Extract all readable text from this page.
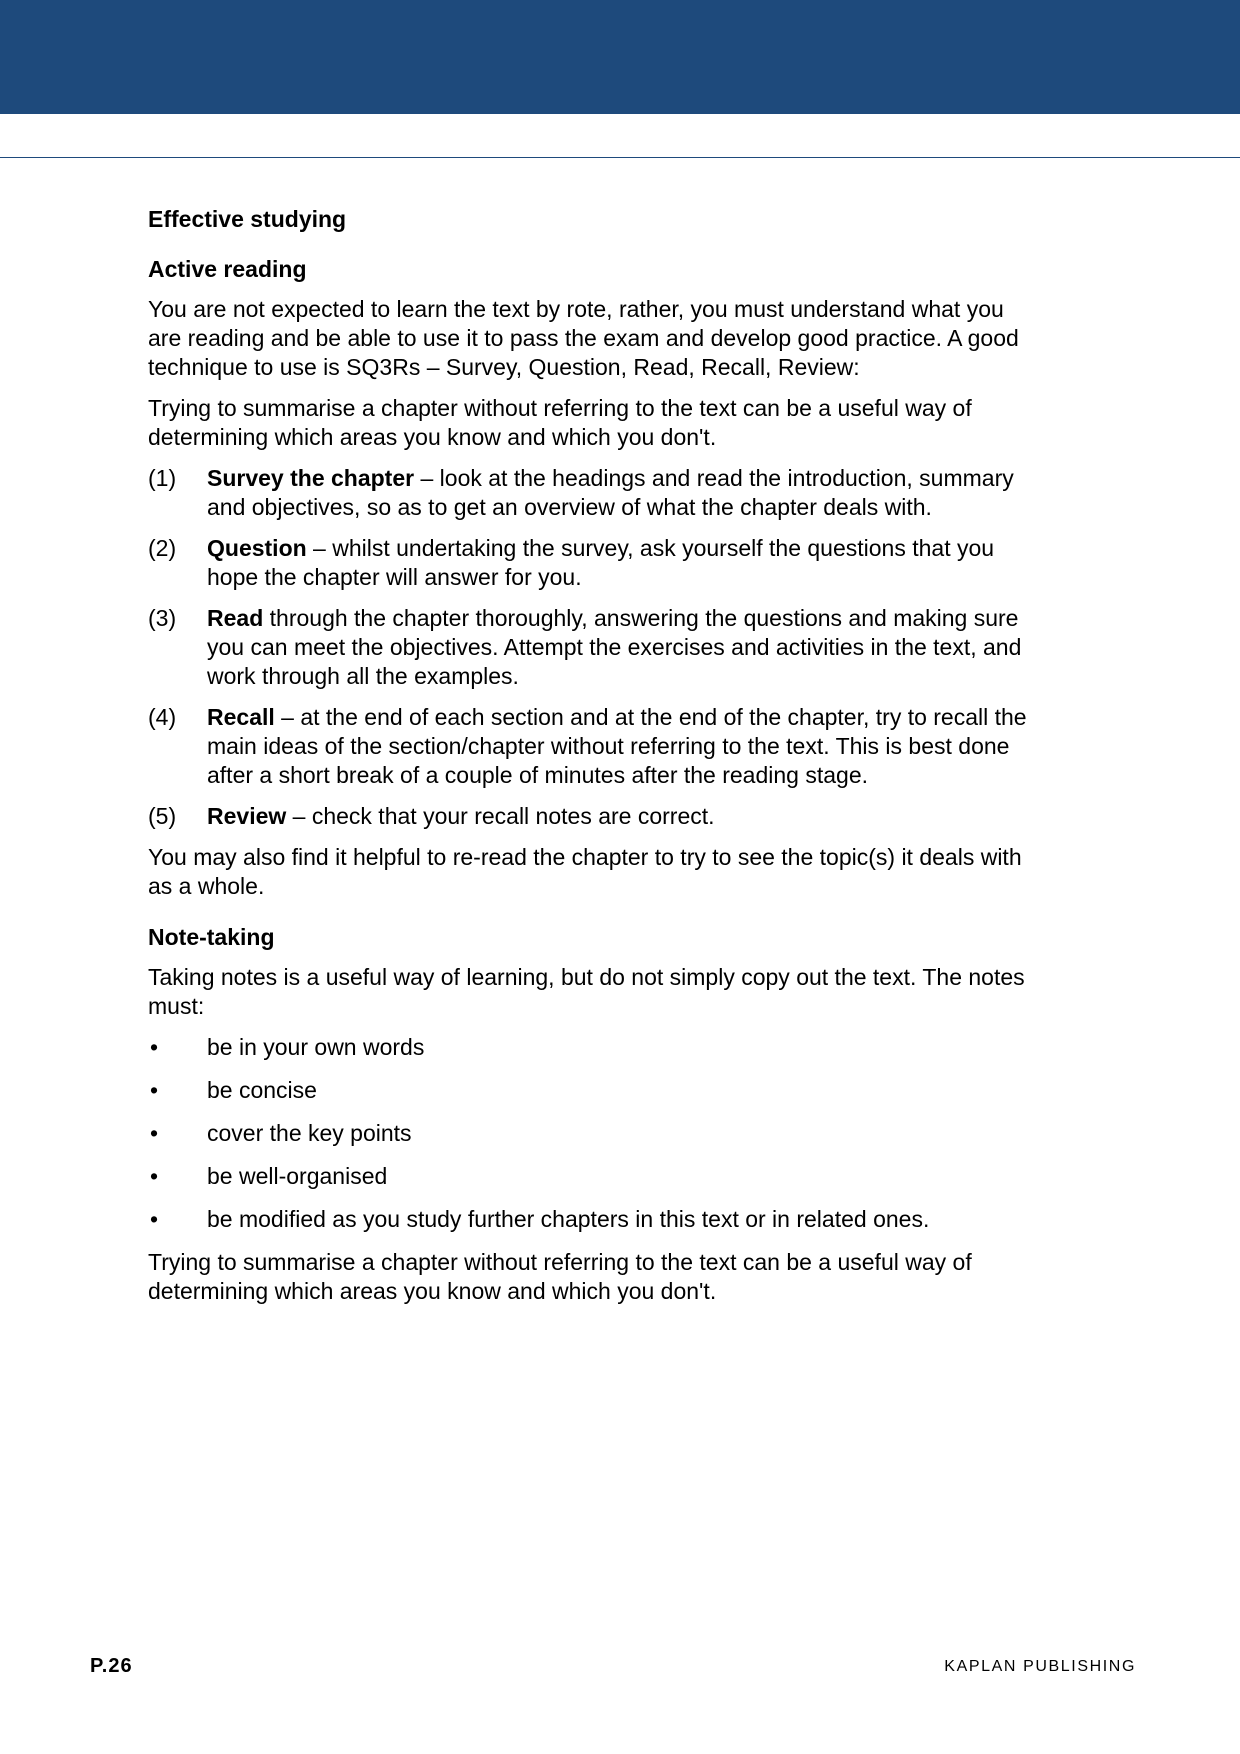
Effective studying
Active reading

You are not expected to learn the text by rote, rather, you must understand what you are reading and be able to use it to pass the exam and develop good practice. A good technique to use is SQ3Rs – Survey, Question, Read, Recall, Review:

Trying to summarise a chapter without referring to the text can be a useful way of determining which areas you know and which you don't.

(1) Survey the chapter – look at the headings and read the introduction, summary and objectives, so as to get an overview of what the chapter deals with.
(2) Question – whilst undertaking the survey, ask yourself the questions that you hope the chapter will answer for you.
(3) Read through the chapter thoroughly, answering the questions and making sure you can meet the objectives. Attempt the exercises and activities in the text, and work through all the examples.
(4) Recall – at the end of each section and at the end of the chapter, try to recall the main ideas of the section/chapter without referring to the text. This is best done after a short break of a couple of minutes after the reading stage.
(5) Review – check that your recall notes are correct.

You may also find it helpful to re-read the chapter to try to see the topic(s) it deals with as a whole.

Note-taking

Taking notes is a useful way of learning, but do not simply copy out the text. The notes must:

• be in your own words
• be concise
• cover the key points
• be well-organised
• be modified as you study further chapters in this text or in related ones.

Trying to summarise a chapter without referring to the text can be a useful way of determining which areas you know and which you don't.

P.26	KAPLAN PUBLISHING
